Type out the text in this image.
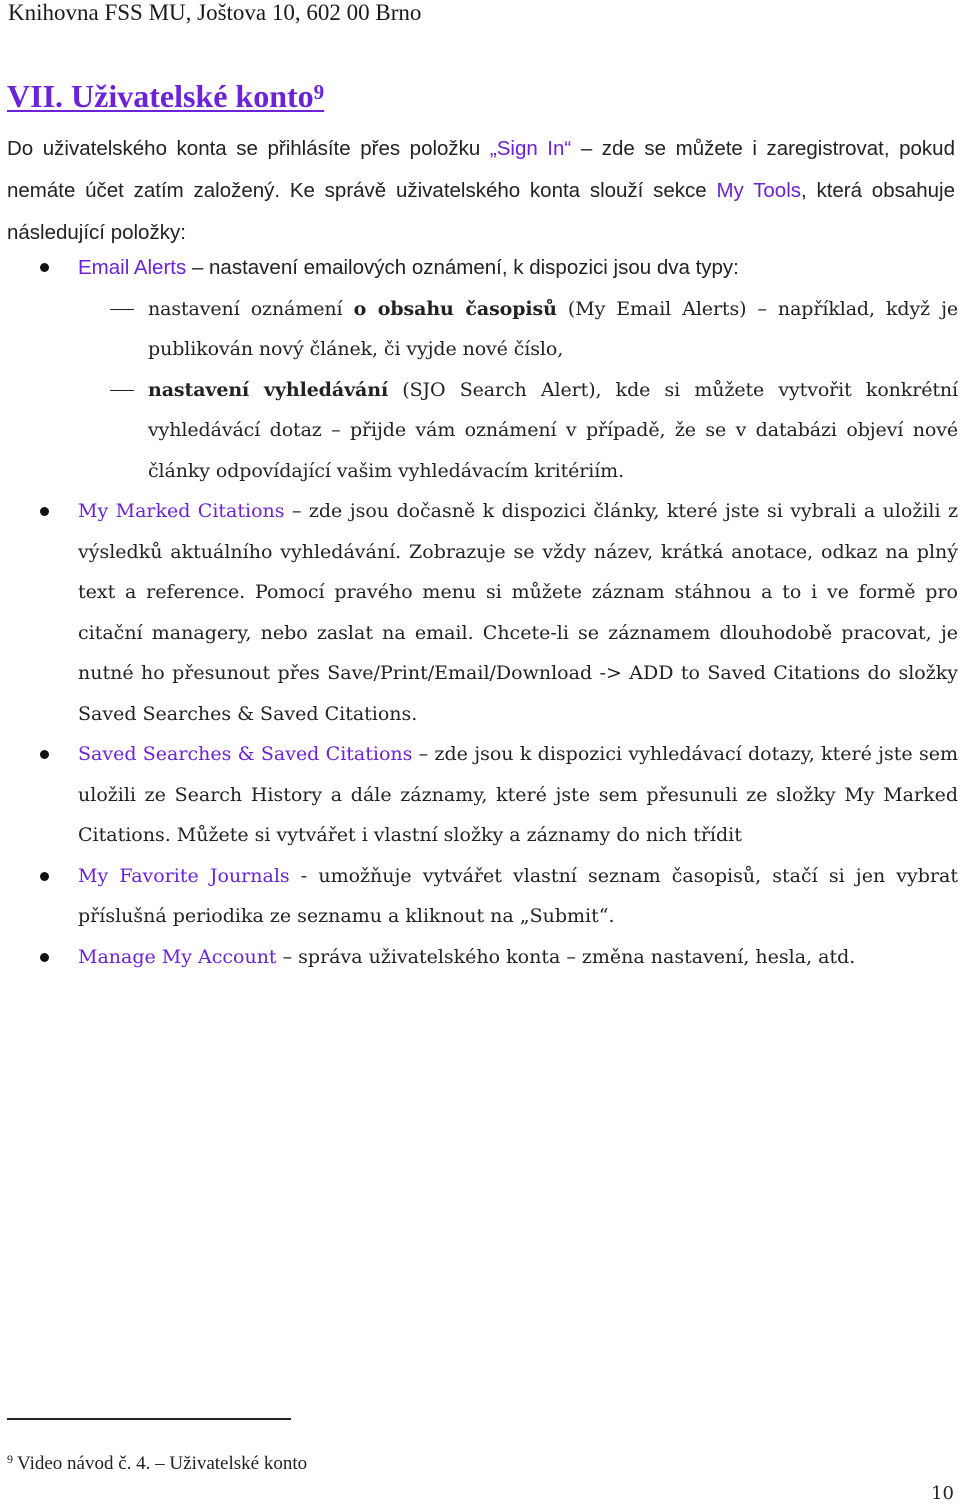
Knihovna FSS MU, Joštova 10, 602 00 Brno
VII. Uživatelské konto$^9$

Do uživatelského konta se přihlásíte přes položku „Sign In“ – zde se můžete i zaregistrovat, pokud nemáte účet zatím založený. Ke správě uživatelského konta slouží sekce My Tools, která obsahuje následující položky:

Email Alerts – nastavení emailových oznámení, k dispozici jsou dva typy:

nastavení oznámení o obsahu časopisů (My Email Alerts) – například, když je publikován nový článek, či vyjde nové číslo,

nastavení vyhledávání (SJO Search Alert), kde si můžete vytvořit konkrétní vyhledávácí dotaz – přijde vám oznámení v případě, že se v databázi objeví nové články odpovídající vašim vyhledávacím kritériím.

My Marked Citations – zde jsou dočasně k dispozici články, které jste si vybrali a uložili z výsledků aktuálního vyhledávání. Zobrazuje se vždy název, krátká anotace, odkaz na plný text a reference. Pomocí pravého menu si můžete záznam stáhnou a to i ve formě pro citační managery, nebo zaslat na email. Chcete-li se záznamem dlouhodobě pracovat, je nutné ho přesunout přes Save/Print/Email/Download -> ADD to Saved Citations do složky Saved Searches & Saved Citations.

Saved Searches & Saved Citations – zde jsou k dispozici vyhledávací dotazy, které jste sem uložili ze Search History a dále záznamy, které jste sem přesunuli ze složky My Marked Citations. Můžete si vytvářet i vlastní složky a záznamy do nich třídit

My Favorite Journals - umožňuje vytvářet vlastní seznam časopisů, stačí si jen vybrat příslušná periodika ze seznamu a kliknout na „Submit“.

Manage My Account – správa uživatelského konta – změna nastavení, hesla, atd.

$^9$ Video návod č. 4. – Uživatelské konto
10
